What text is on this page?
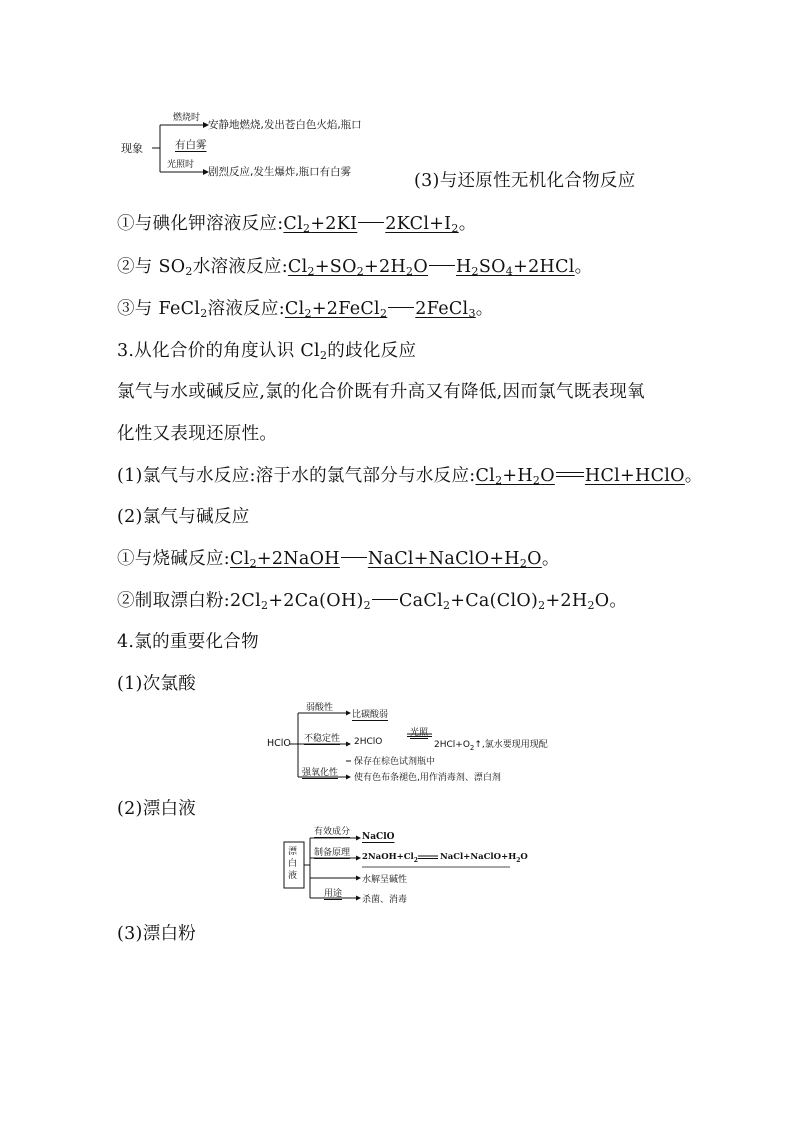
现象
燃烧时
安静地燃烧,发出苍白色火焰,瓶口
有白雾
光照时
剧烈反应,发生爆炸,瓶口有白雾	(3)与还原性无机化合物反应
①与碘化钾溶液反应$:Cl_2+2KI$ $2KCl+I_2$。
②与 $SO_2$水溶液反应$:Cl_2+SO_2+2H_2O$ $H_2SO_4+2HCl$。
③与 FeCl$_2$溶液反应$:Cl_2+2FeCl_2$ 2FeCl$_3$。
3.从化合价的角度认识 $Cl_2$的歧化反应
氯气与水或碱反应,氯的化合价既有升高又有降低,因而氯气既表现氧
化性又表现还原性。
(1)氯气与水反应:溶于水的氯气部分与水反应$:Cl_2+H_2O$ HCl+HClO。
(2)氯气与碱反应
①与烧碱反应$:Cl_2+2NaOH$ $NaCl+NaClO+H_2O$。
②制取漂白粉$:2Cl_2+2Ca(OH)_2$ $CaCl_2+Ca(ClO)_2+2H_2O$。
4.氯的重要化合物
(1)次氯酸
HClO
弱酸性
比碳酸弱
不稳定性 2HClO
光照
$2HCl+O_2↑$,氯水要现用现配
保存在棕色试剂瓶中
强氧化性 使有色布条褪色,用作消毒剂、漂白剂
(2)漂白液
漂白液
有效成分 NaClO
制备原理 $2NaOH+Cl_2$	$NaCl+NaClO+H_2O$
水解呈碱性
用途
杀菌、消毒
(3)漂白粉
